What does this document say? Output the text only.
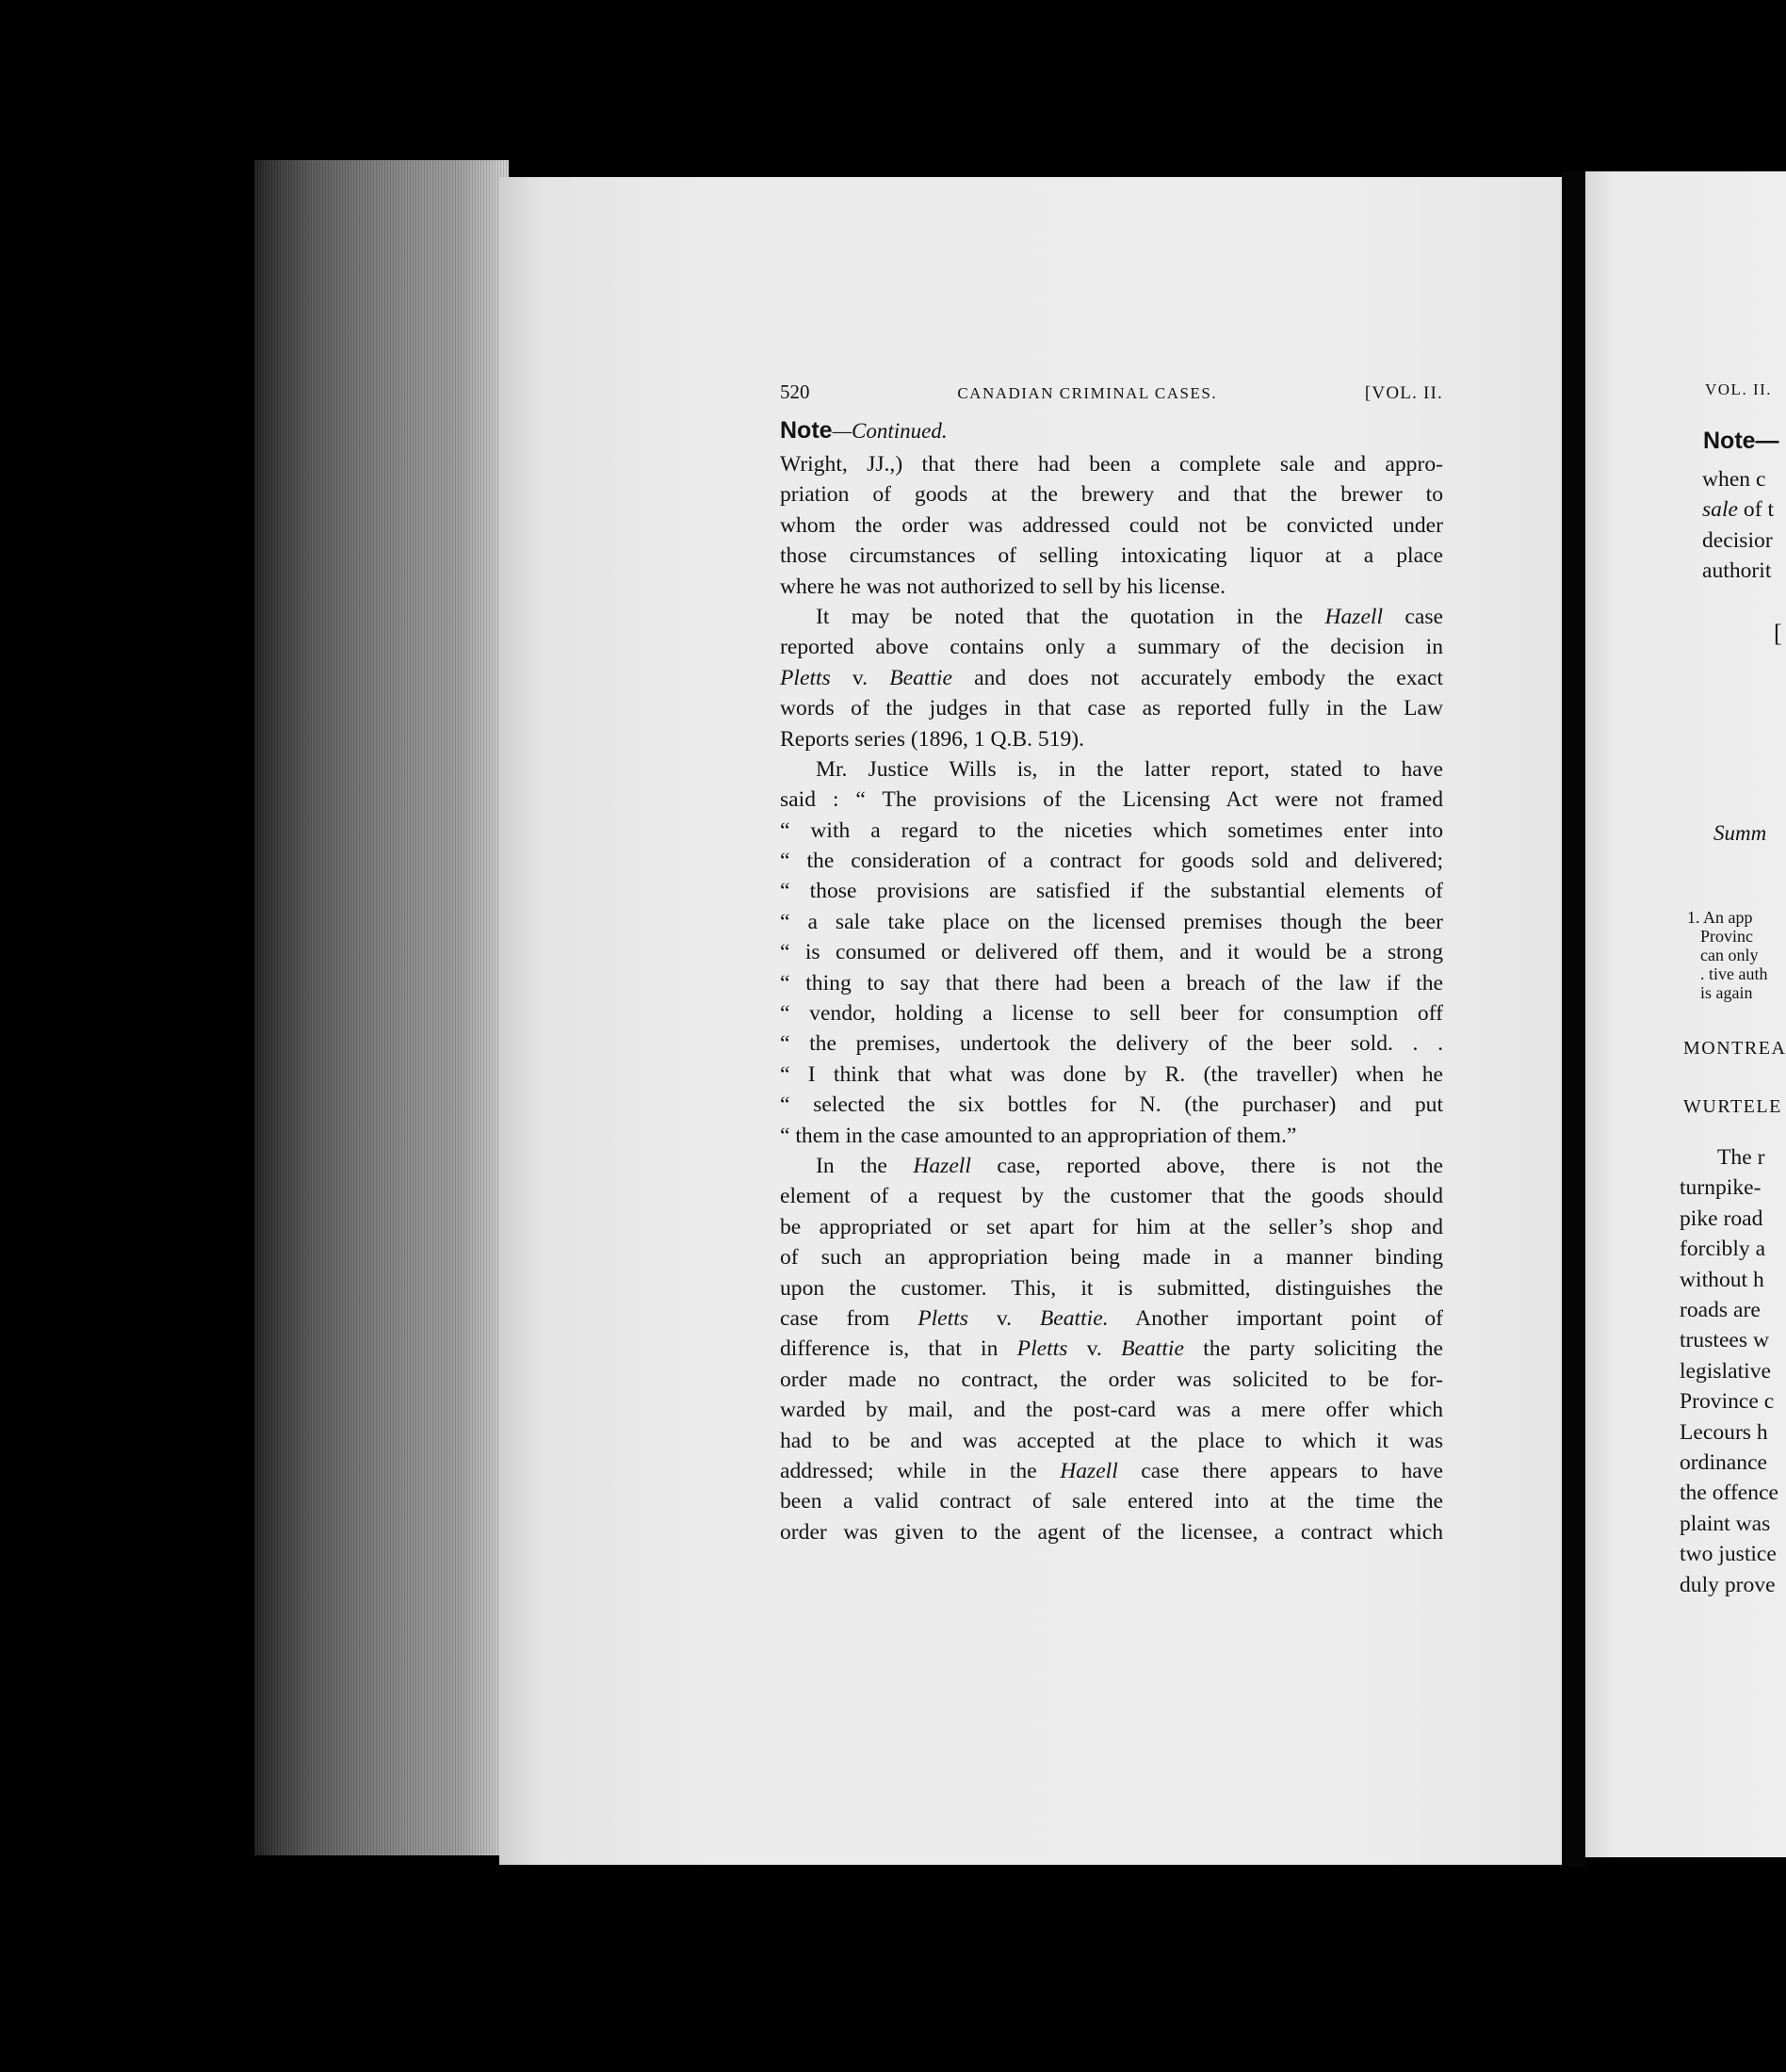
520	CANADIAN CRIMINAL CASES.	[VOL. II.
Note—Continued.
Wright, JJ.,) that there had been a complete sale and appro-
priation of goods at the brewery and that the brewer to
whom the order was addressed could not be convicted under
those circumstances of selling intoxicating liquor at a place
where he was not authorized to sell by his license.
It may be noted that the quotation in the Hazell case
reported above contains only a summary of the decision in
Pletts v. Beattie and does not accurately embody the exact
words of the judges in that case as reported fully in the Law
Reports series (1896, 1 Q.B. 519).
Mr. Justice Wills is, in the latter report, stated to have
said : “ The provisions of the Licensing Act were not framed
“ with a regard to the niceties which sometimes enter into
“ the consideration of a contract for goods sold and delivered;
“ those provisions are satisfied if the substantial elements of
“ a sale take place on the licensed premises though the beer
“ is consumed or delivered off them, and it would be a strong
“ thing to say that there had been a breach of the law if the
“ vendor, holding a license to sell beer for consumption off
“ the premises, undertook the delivery of the beer sold. . .
“ I think that what was done by R. (the traveller) when he
“ selected the six bottles for N. (the purchaser) and put
“ them in the case amounted to an appropriation of them.”
In the Hazell case, reported above, there is not the
element of a request by the customer that the goods should
be appropriated or set apart for him at the seller’s shop and
of such an appropriation being made in a manner binding
upon the customer. This, it is submitted, distinguishes the
case from Pletts v. Beattie. Another important point of
difference is, that in Pletts v. Beattie the party soliciting the
order made no contract, the order was solicited to be for-
warded by mail, and the post-card was a mere offer which
had to be and was accepted at the place to which it was
addressed; while in the Hazell case there appears to have
been a valid contract of sale entered into at the time the
order was given to the agent of the licensee, a contract which
VOL. II.
Note—
when c
sale of t
decisior
authorit
[
Summ
1. An app
Provinc
can only
. tive auth
is again
MONTREA
WURTELE
The r
turnpike-
pike road
forcibly a
without h
roads are
trustees w
legislative
Province c
Lecours h
ordinance
the offence
plaint was
two justice
duly prove
